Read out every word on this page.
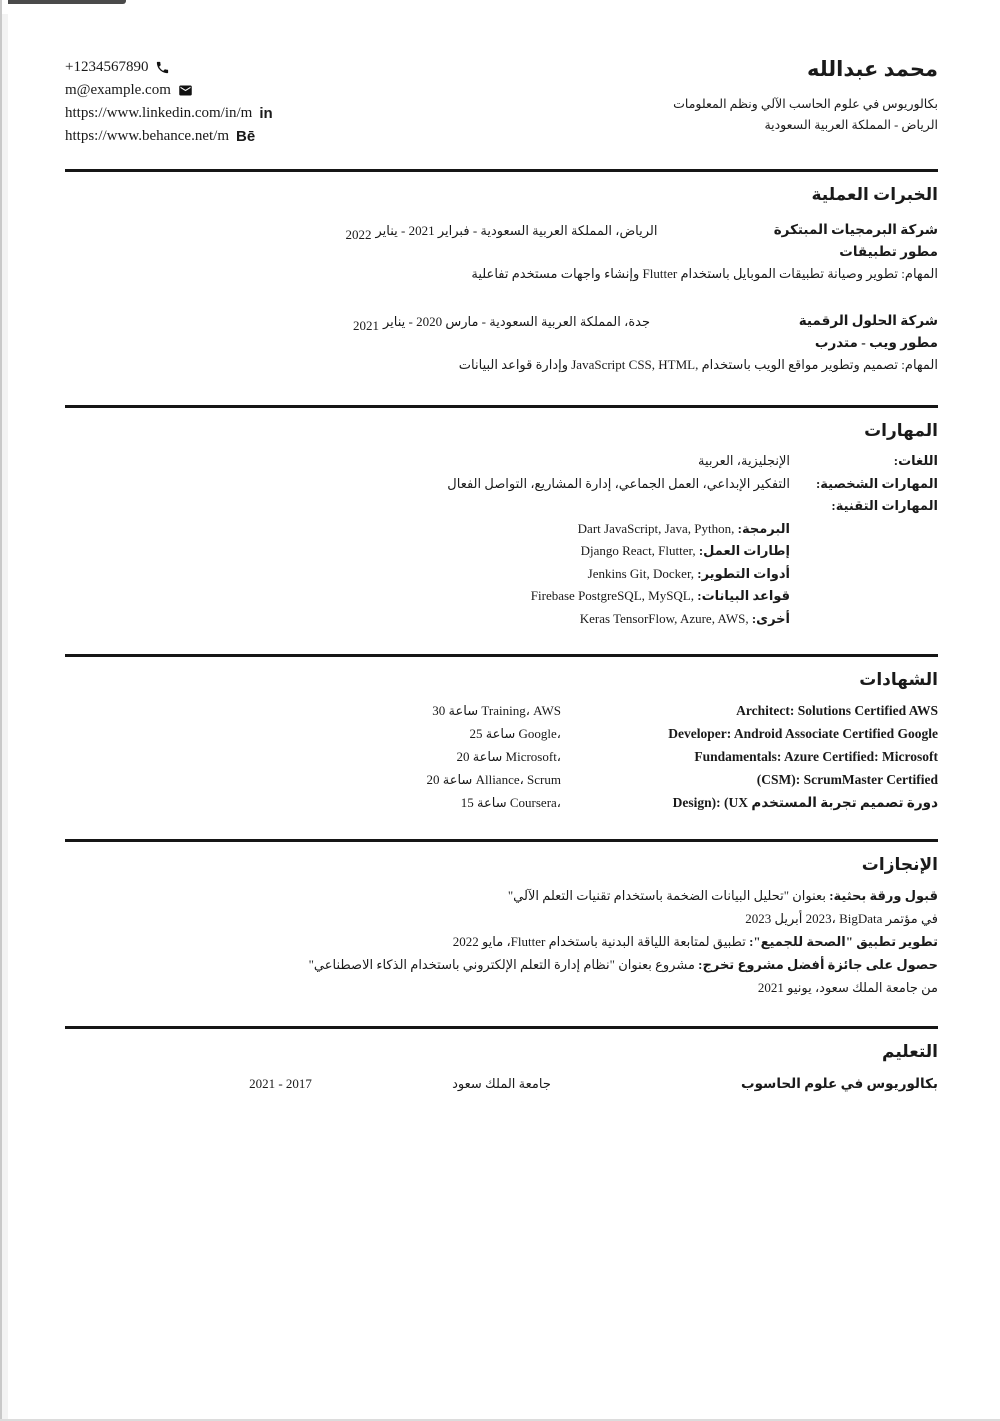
+1234567890
m@example.com
https://www.linkedin.com/in/m in
https://www.behance.net/m Bē
محمد عبدالله
بكالوريوس في علوم الحاسب الآلي ونظم المعلومات
الرياض - المملكة العربية السعودية
الخبرات العملية
شركة البرمجيات المبتكرة
الرياض، المملكة العربية السعودية - فبراير 2021 - يناير2022
مطور تطبيقات
المهام: تطوير وصيانة تطبيقات الموبايل باستخدام Flutter وإنشاء واجهات مستخدم تفاعلية
شركة الحلول الرقمية
جدة، المملكة العربية السعودية - مارس 2020 - يناير2021
مطور ويب - متدرب
المهام: تصميم وتطوير مواقع الويب باستخدام JavaScript CSS, HTML, وإدارة قواعد البيانات
المهارات
اللغات:
الإنجليزية، العربية
المهارات الشخصية:
التفكير الإبداعي، العمل الجماعي، إدارة المشاريع، التواصل الفعال
المهارات التقنية:
البرمجة: Dart JavaScript, Java, Python,
إطارات العمل: Django React, Flutter,
أدوات التطوير: Jenkins Git, Docker,
قواعد البيانات: Firebase PostgreSQL, MySQL,
أخرى: Keras TensorFlow, Azure, AWS,
الشهادات
Architect: Solutions Certified AWS
ساعة 30 Training، AWS
Developer: Android Associate Certified Google
ساعة 25 Google،
Fundamentals: Azure Certified: Microsoft
ساعة 20 Microsoft،
(CSM): ScrumMaster Certified
ساعة 20 Alliance، Scrum
دورة تصميم تجربة المستخدم Design): (UX
ساعة 15 Coursera،
الإنجازات
قبول ورقة بحثية: بعنوان "تحليل البيانات الضخمة باستخدام تقنيات التعلم الآلي"
في مؤتمر 2023، BigData أبريل 2023
تطوير تطبيق "الصحة للجميع": تطبيق لمتابعة اللياقة البدنية باستخدام ،Flutter مايو 2022
حصول على جائزة أفضل مشروع تخرج: مشروع بعنوان "نظام إدارة التعلم الإلكتروني باستخدام الذكاء الاصطناعي"
من جامعة الملك سعود، يونيو 2021
التعليم
بكالوريوس في علوم الحاسوب
جامعة الملك سعود
2017 - 2021
